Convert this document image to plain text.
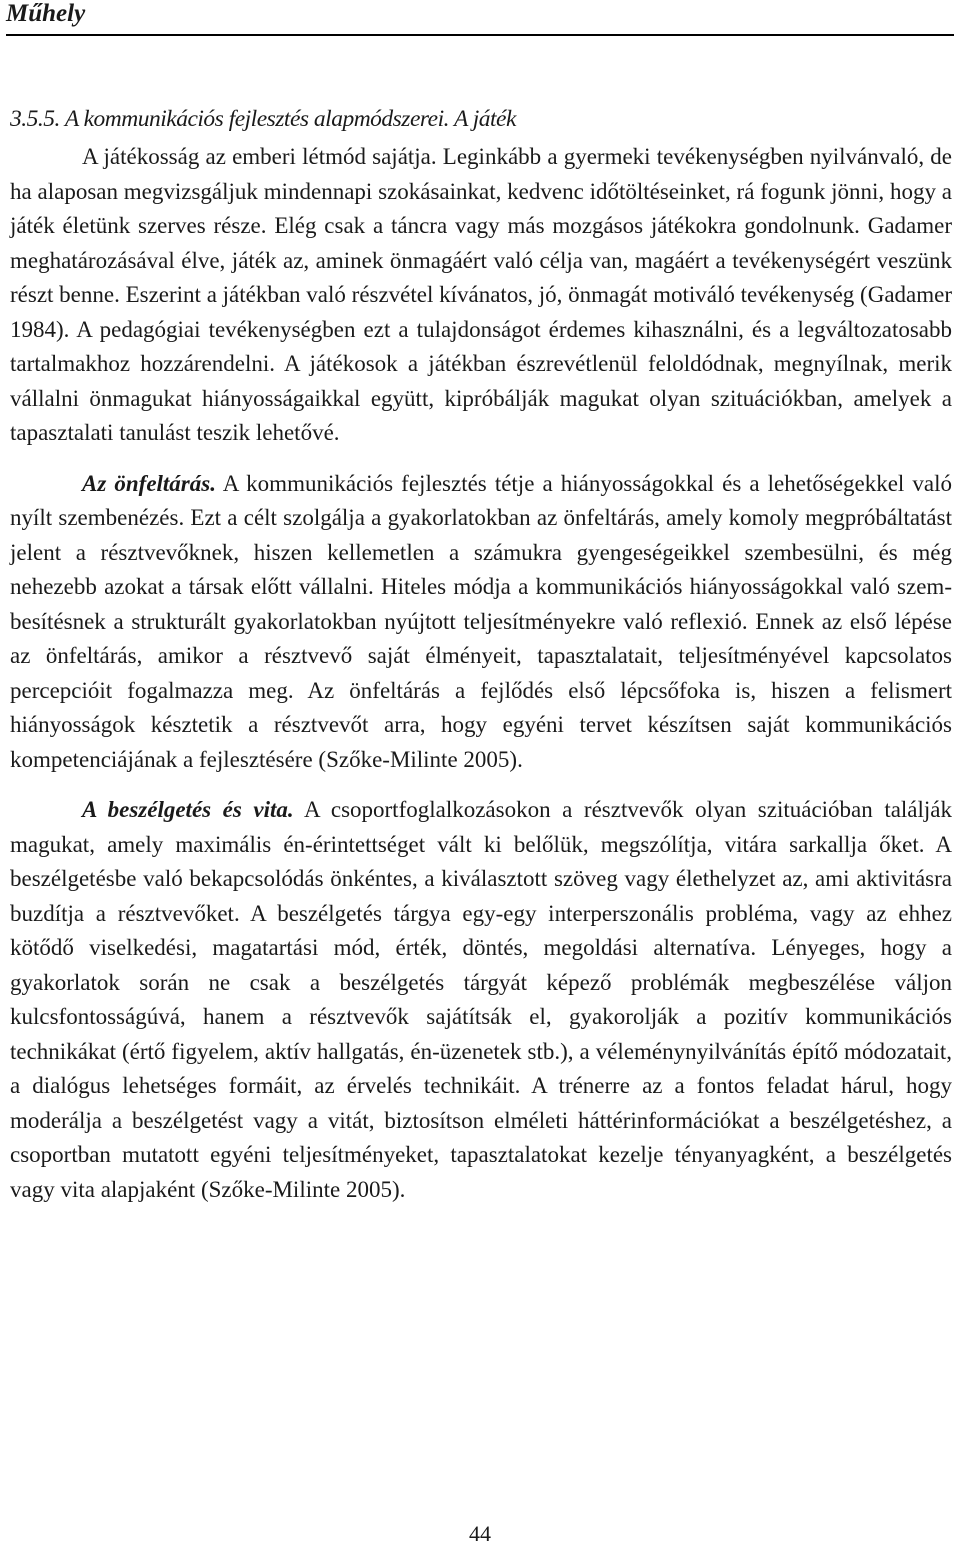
Műhely
3.5.5. A kommunikációs fejlesztés alapmódszerei. A játék

A játékosság az emberi létmód sajátja. Leginkább a gyermeki tevékenységben nyilvánvaló, de ha alaposan megvizsgáljuk mindennapi szokásainkat, kedvenc időtöltéseinket, rá fogunk jönni, hogy a játék életünk szerves része. Elég csak a táncra vagy más mozgásos játékokra gondolnunk. Gadamer meghatározásával élve, játék az, aminek önmagáért való célja van, magáért a tevékenységért veszünk részt benne. Eszerint a játékban való részvétel kívánatos, jó, önmagát motiváló tevékenység (Gadamer 1984). A pedagógiai tevékenységben ezt a tulajdonságot érdemes kihasználni, és a legváltozatosabb tartalmakhoz hozzárendelni. A játékosok a játékban észrevétlenül feloldódnak, megnyílnak, merik vállalni önmagukat hiányosságaikkal együtt, kipróbálják magukat olyan szituációkban, amelyek a tapasztalati tanulást teszik lehetővé.

Az önfeltárás. A kommunikációs fejlesztés tétje a hiányosságokkal és a lehetőségekkel való nyílt szembenézés. Ezt a célt szolgálja a gyakorlatokban az önfeltárás, amely komoly megpróbáltatást jelent a résztvevőknek, hiszen kellemetlen a számukra gyengeségeikkel szembesülni, és még nehezebb azokat a társak előtt vállalni. Hiteles módja a kommunikációs hiányosságokkal való szembesítésnek a strukturált gyakorlatokban nyújtott teljesítményekre való reflexió. Ennek az első lépése az önfeltárás, amikor a résztvevő saját élményeit, tapasztalatait, teljesítményével kapcsolatos percepcióit fogalmazza meg. Az önfeltárás a fejlődés első lépcsőfoka is, hiszen a felismert hiányosságok késztetik a résztvevőt arra, hogy egyéni tervet készítsen saját kommunikációs kompetenciájának a fejlesztésére (Szőke-Milinte 2005).

A beszélgetés és vita. A csoportfoglalkozásokon a résztvevők olyan szituációban találják magukat, amely maximális én-érintettséget vált ki belőlük, megszólítja, vitára sarkallja őket. A beszélgetésbe való bekapcsolódás önkéntes, a kiválasztott szöveg vagy élethelyzet az, ami aktivitásra buzdítja a résztvevőket. A beszélgetés tárgya egy-egy interperszonális probléma, vagy az ehhez kötődő viselkedési, magatartási mód, érték, döntés, megoldási alternatíva. Lényeges, hogy a gyakorlatok során ne csak a beszélgetés tárgyát képező problémák megbeszélése váljon kulcsfontosságúvá, hanem a résztvevők sajátítsák el, gyakorolják a pozitív kommunikációs technikákat (értő figyelem, aktív hallgatás, én-üzenetek stb.), a véleménynyilvánítás építő módozatait, a dialógus lehetséges formáit, az érvelés technikáit. A trénerre az a fontos feladat hárul, hogy moderálja a beszélgetést vagy a vitát, biztosítson elméleti háttérinformációkat a beszélgetéshez, a csoportban mutatott egyéni teljesítményeket, tapasztalatokat kezelje tényanyagként, a beszélgetés vagy vita alapjaként (Szőke-Milinte 2005).

44
